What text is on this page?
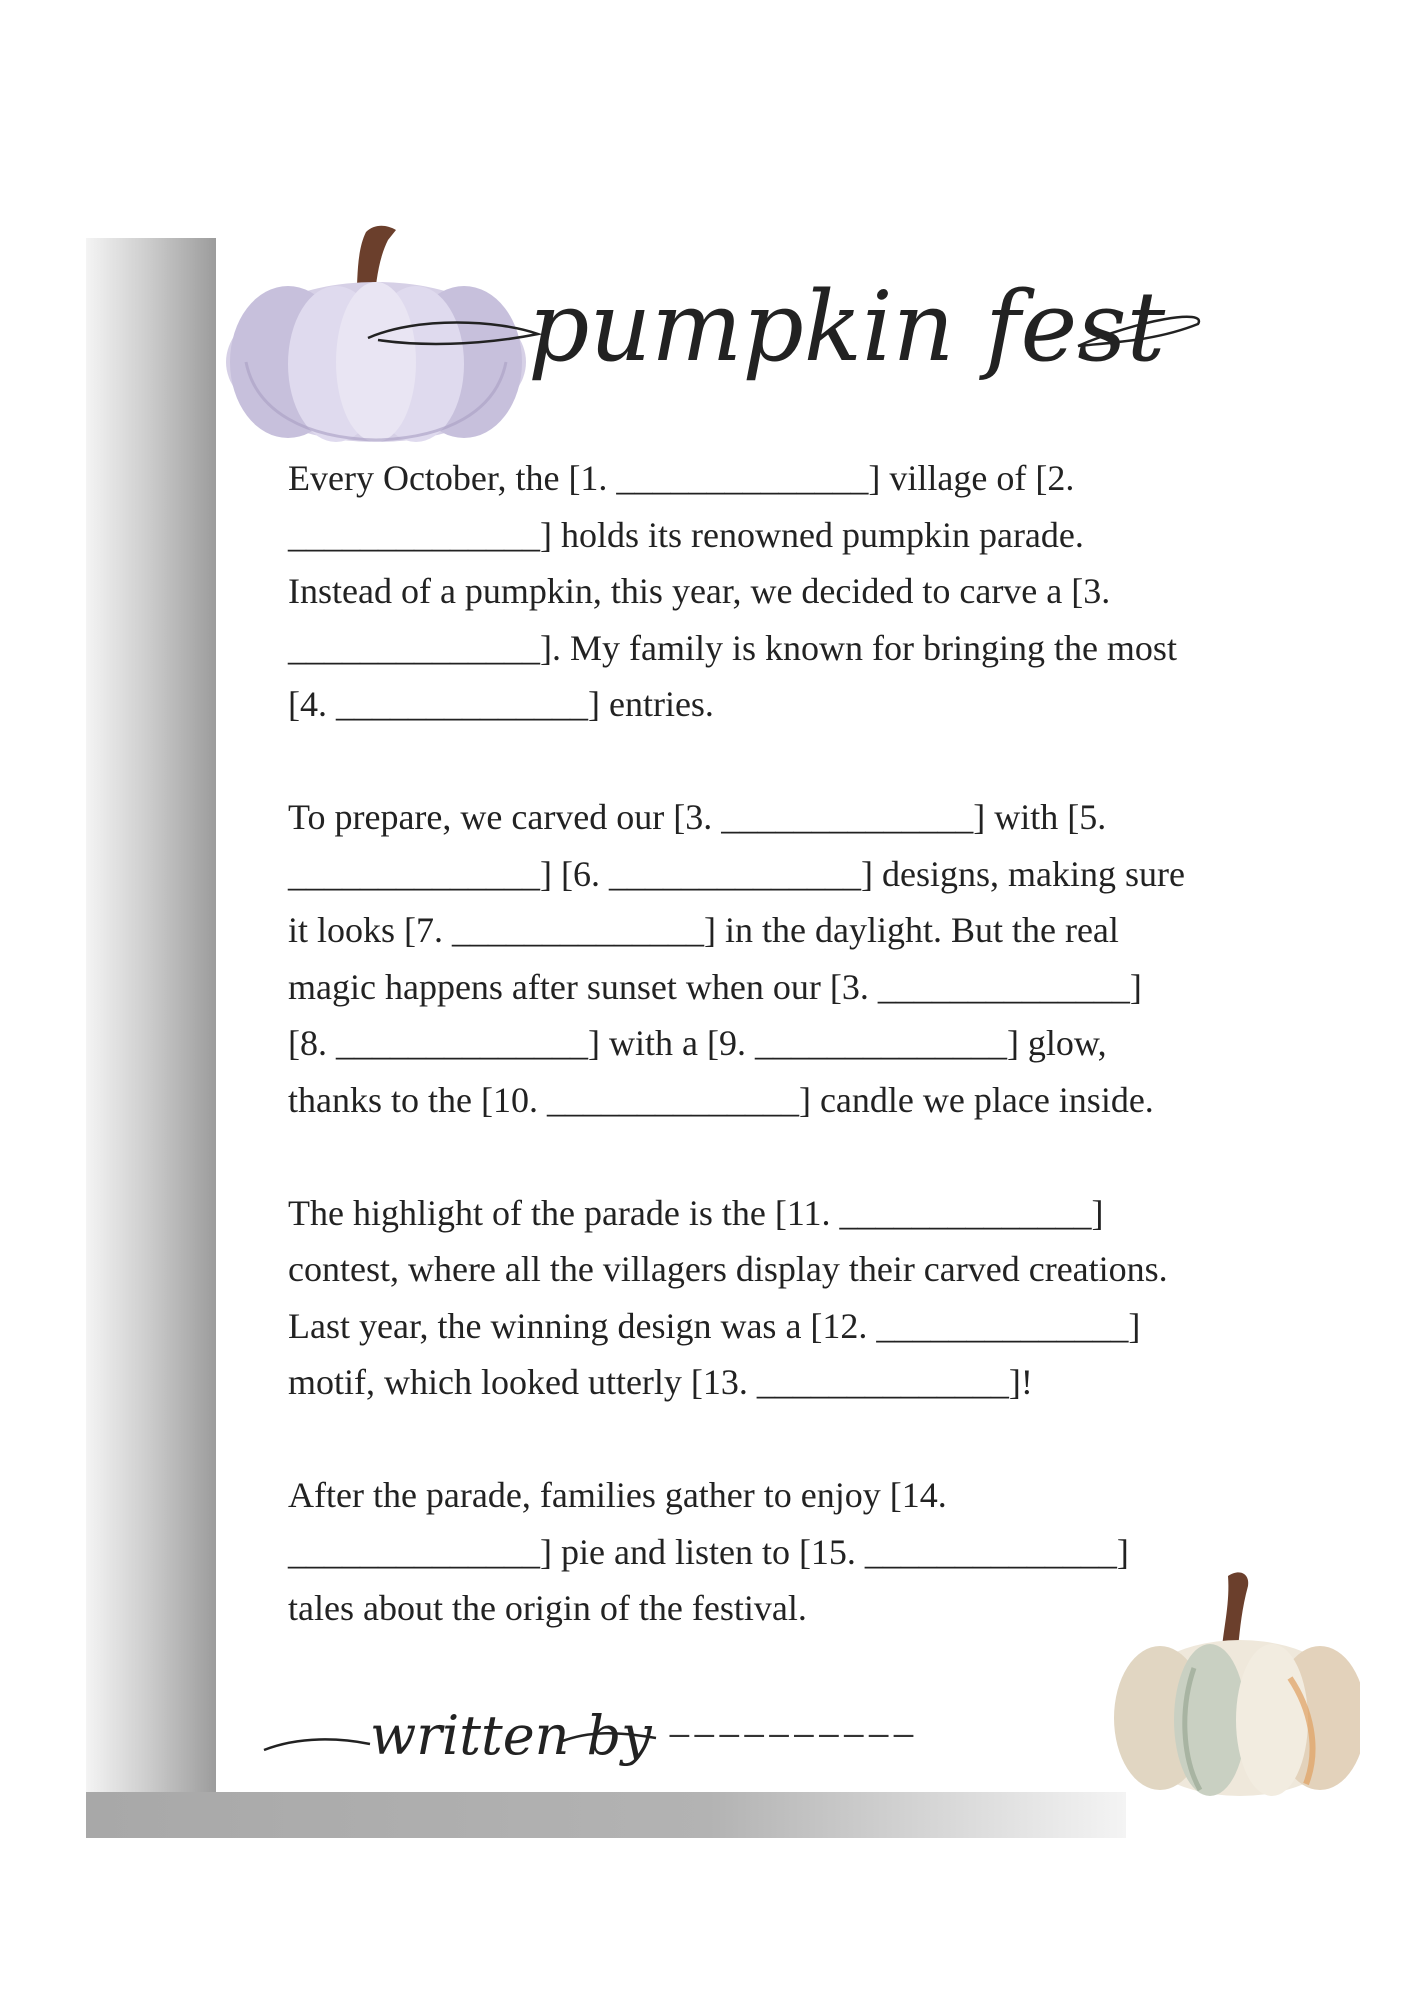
pumpkin fest
Every October, the [1. ______________] village of [2.
______________] holds its renowned pumpkin parade.
Instead of a pumpkin, this year, we decided to carve a [3.
______________]. My family is known for bringing the most
[4. ______________] entries.
To prepare, we carved our [3. ______________] with [5.
______________] [6. ______________] designs, making sure
it looks [7. ______________] in the daylight. But the real
magic happens after sunset when our [3. ______________]
[8. ______________] with a [9. ______________] glow,
thanks to the [10. ______________] candle we place inside.
The highlight of the parade is the [11. ______________]
contest, where all the villagers display their carved creations.
Last year, the winning design was a [12. ______________]
motif, which looked utterly [13. ______________]!
After the parade, families gather to enjoy [14.
______________] pie and listen to [15. ______________]
tales about the origin of the festival.
written by __________
